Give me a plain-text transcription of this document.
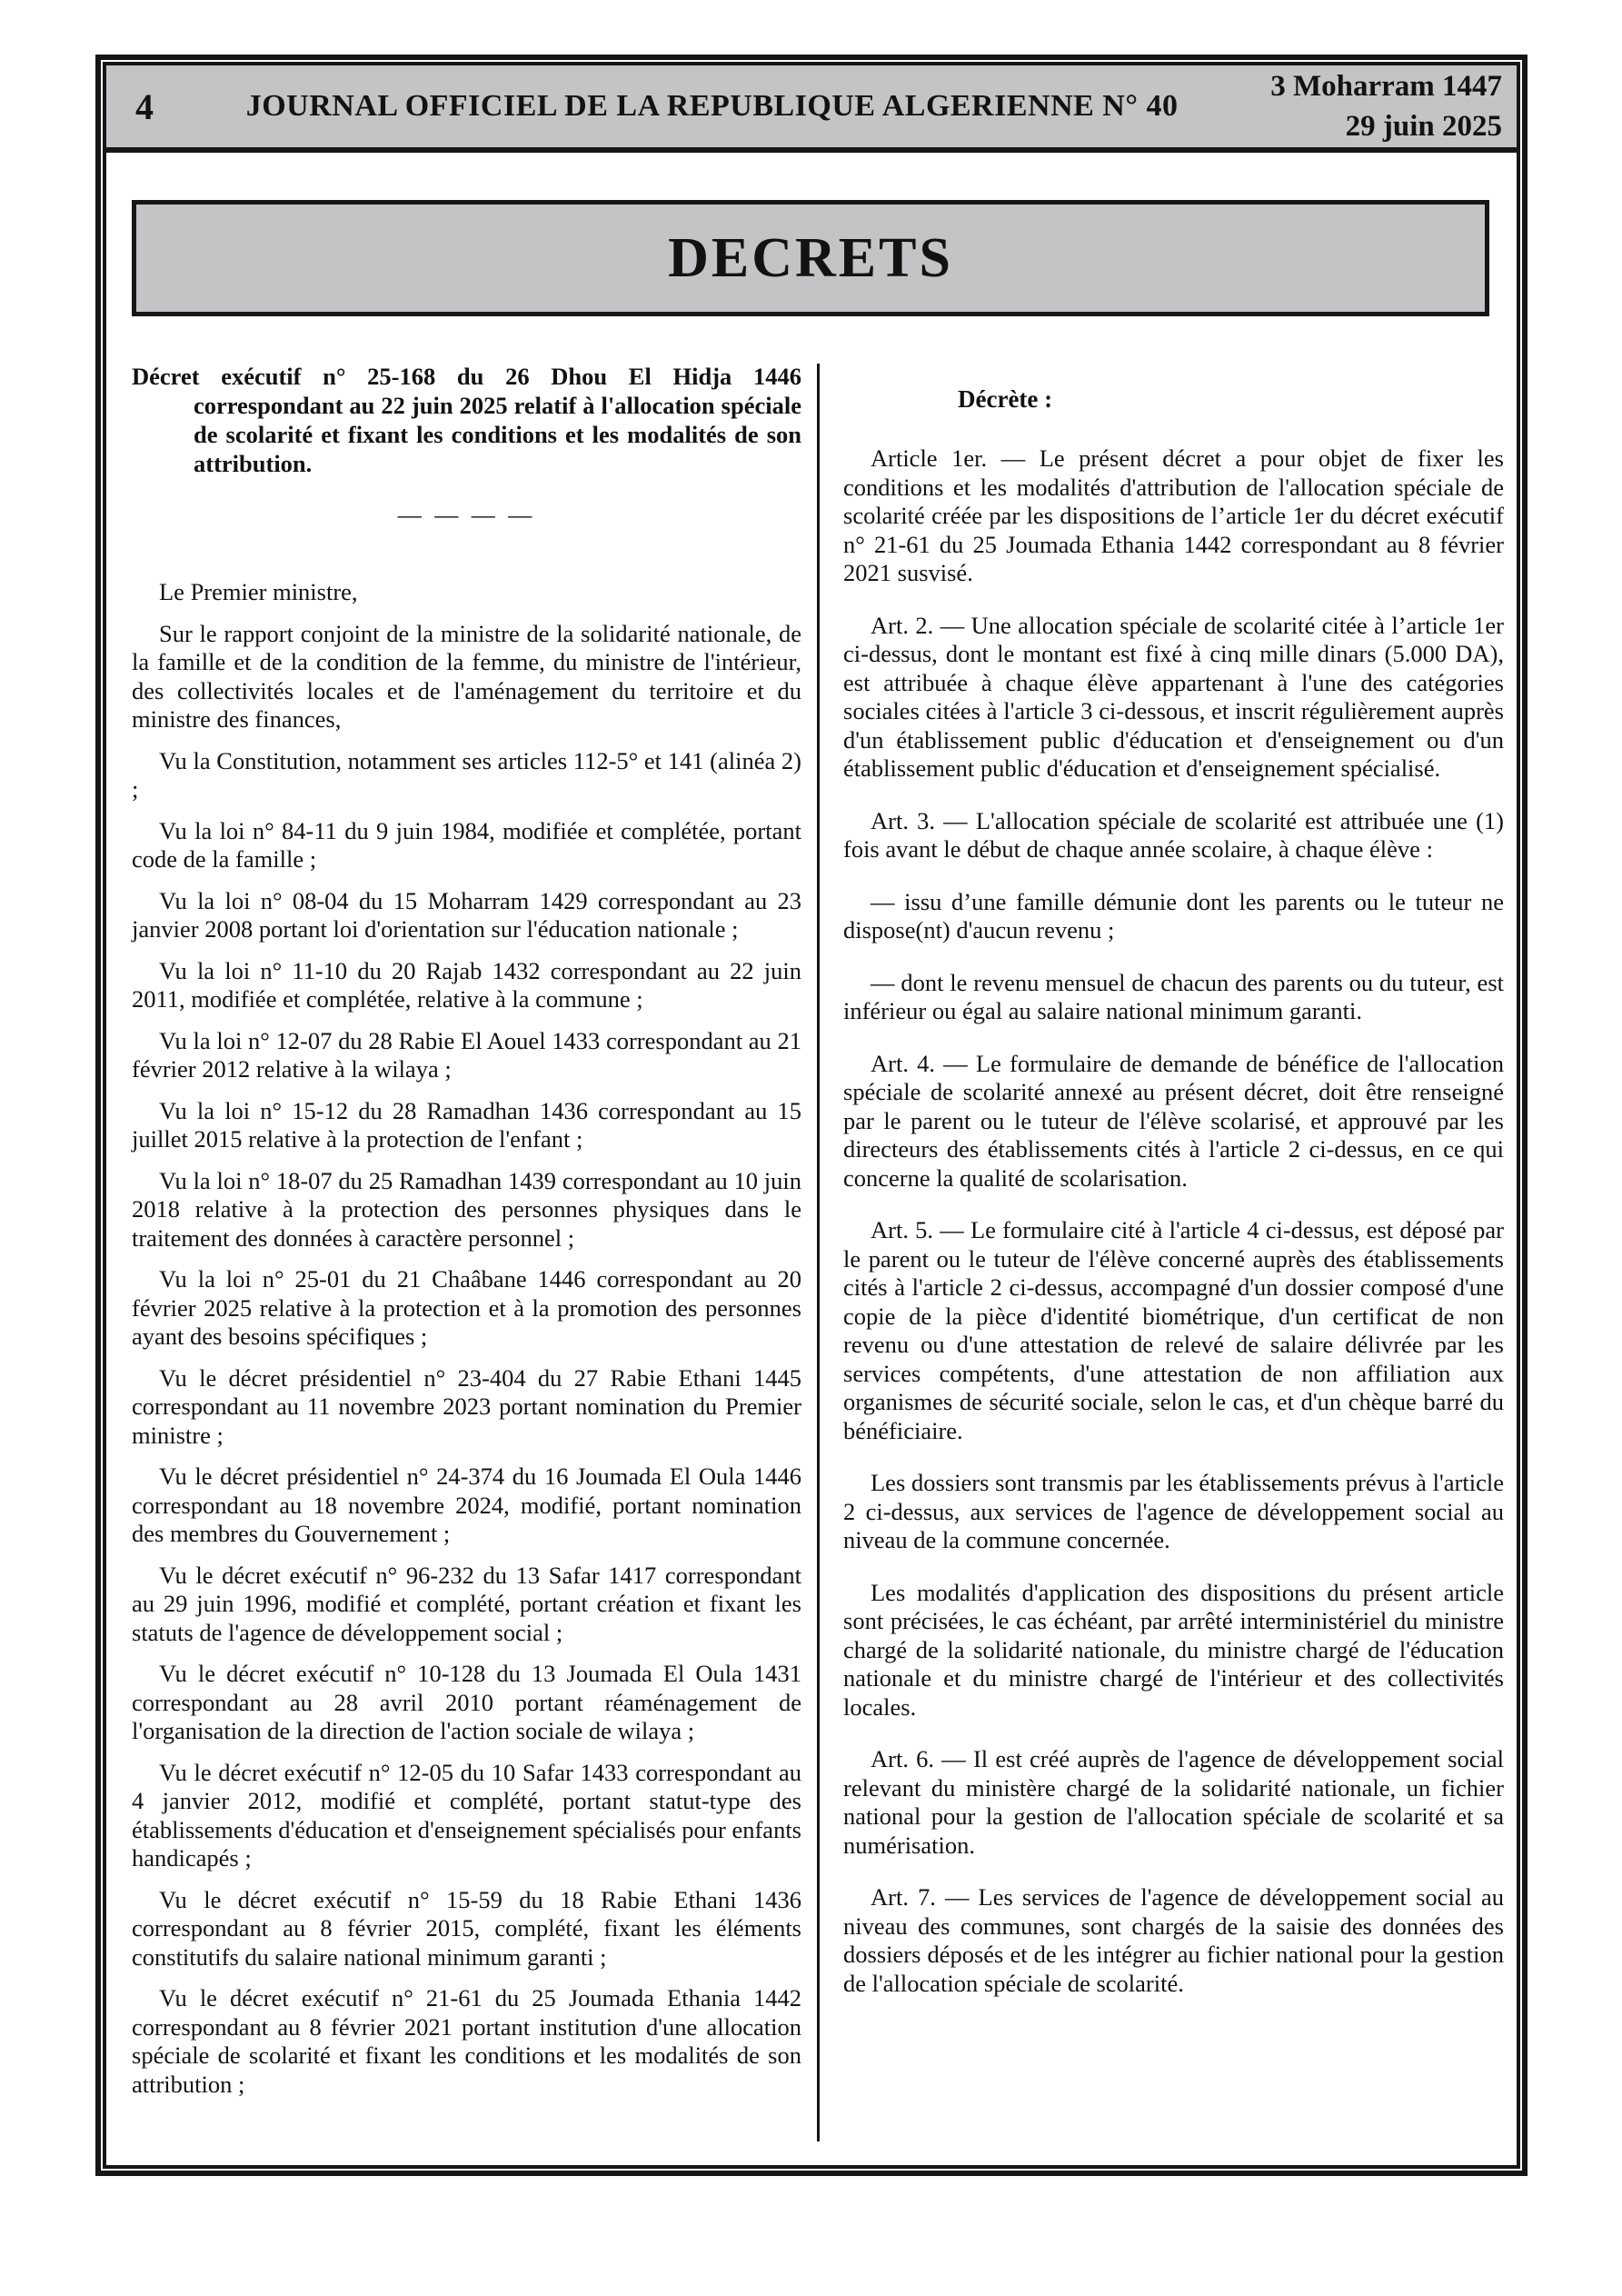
4	JOURNAL OFFICIEL DE LA REPUBLIQUE ALGERIENNE N° 40
3 Moharram 1447
29 juin 2025
DECRETS

Décret exécutif n° 25-168 du 26 Dhou El Hidja 1446 correspondant au 22 juin 2025 relatif à l'allocation spéciale de scolarité et fixant les conditions et les modalités de son attribution.

— — — —

Le Premier ministre,

Sur le rapport conjoint de la ministre de la solidarité nationale, de la famille et de la condition de la femme, du ministre de l'intérieur, des collectivités locales et de l'aménagement du territoire et du ministre des finances,

Vu la Constitution, notamment ses articles 112-5° et 141 (alinéa 2) ;

Vu la loi n° 84-11 du 9 juin 1984, modifiée et complétée, portant code de la famille ;

Vu la loi n° 08-04 du 15 Moharram 1429 correspondant au 23 janvier 2008 portant loi d'orientation sur l'éducation nationale ;

Vu la loi n° 11-10 du 20 Rajab 1432 correspondant au 22 juin 2011, modifiée et complétée, relative à la commune ;

Vu la loi n° 12-07 du 28 Rabie El Aouel 1433 correspondant au 21 février 2012 relative à la wilaya ;

Vu la loi n° 15-12 du 28 Ramadhan 1436 correspondant au 15 juillet 2015 relative à la protection de l'enfant ;

Vu la loi n° 18-07 du 25 Ramadhan 1439 correspondant au 10 juin 2018 relative à la protection des personnes physiques dans le traitement des données à caractère personnel ;

Vu la loi n° 25-01 du 21 Chaâbane 1446 correspondant au 20 février 2025 relative à la protection et à la promotion des personnes ayant des besoins spécifiques ;

Vu le décret présidentiel n° 23-404 du 27 Rabie Ethani 1445 correspondant au 11 novembre 2023 portant nomination du Premier ministre ;

Vu le décret présidentiel n° 24-374 du 16 Joumada El Oula 1446 correspondant au 18 novembre 2024, modifié, portant nomination des membres du Gouvernement ;

Vu le décret exécutif n° 96-232 du 13 Safar 1417 correspondant au 29 juin 1996, modifié et complété, portant création et fixant les statuts de l'agence de développement social ;

Vu le décret exécutif n° 10-128 du 13 Joumada El Oula 1431 correspondant au 28 avril 2010 portant réaménagement de l'organisation de la direction de l'action sociale de wilaya ;

Vu le décret exécutif n° 12-05 du 10 Safar 1433 correspondant au 4 janvier 2012, modifié et complété, portant statut-type des établissements d'éducation et d'enseignement spécialisés pour enfants handicapés ;

Vu le décret exécutif n° 15-59 du 18 Rabie Ethani 1436 correspondant au 8 février 2015, complété, fixant les éléments constitutifs du salaire national minimum garanti ;

Vu le décret exécutif n° 21-61 du 25 Joumada Ethania 1442 correspondant au 8 février 2021 portant institution d'une allocation spéciale de scolarité et fixant les conditions et les modalités de son attribution ;

Décrète :

Article 1er. — Le présent décret a pour objet de fixer les conditions et les modalités d'attribution de l'allocation spéciale de scolarité créée par les dispositions de l’article 1er du décret exécutif n° 21-61 du 25 Joumada Ethania 1442 correspondant au 8 février 2021 susvisé.

Art. 2. — Une allocation spéciale de scolarité citée à l’article 1er ci-dessus, dont le montant est fixé à cinq mille dinars (5.000 DA), est attribuée à chaque élève appartenant à l'une des catégories sociales citées à l'article 3 ci-dessous, et inscrit régulièrement auprès d'un établissement public d'éducation et d'enseignement ou d'un établissement public d'éducation et d'enseignement spécialisé.

Art. 3. — L'allocation spéciale de scolarité est attribuée une (1) fois avant le début de chaque année scolaire, à chaque élève :

— issu d’une famille démunie dont les parents ou le tuteur ne dispose(nt) d'aucun revenu ;

— dont le revenu mensuel de chacun des parents ou du tuteur, est inférieur ou égal au salaire national minimum garanti.

Art. 4. — Le formulaire de demande de bénéfice de l'allocation spéciale de scolarité annexé au présent décret, doit être renseigné par le parent ou le tuteur de l'élève scolarisé, et approuvé par les directeurs des établissements cités à l'article 2 ci-dessus, en ce qui concerne la qualité de scolarisation.

Art. 5. — Le formulaire cité à l'article 4 ci-dessus, est déposé par le parent ou le tuteur de l'élève concerné auprès des établissements cités à l'article 2 ci-dessus, accompagné d'un dossier composé d'une copie de la pièce d'identité biométrique, d'un certificat de non revenu ou d'une attestation de relevé de salaire délivrée par les services compétents, d'une attestation de non affiliation aux organismes de sécurité sociale, selon le cas, et d'un chèque barré du bénéficiaire.

Les dossiers sont transmis par les établissements prévus à l'article 2 ci-dessus, aux services de l'agence de développement social au niveau de la commune concernée.

Les modalités d'application des dispositions du présent article sont précisées, le cas échéant, par arrêté interministériel du ministre chargé de la solidarité nationale, du ministre chargé de l'éducation nationale et du ministre chargé de l'intérieur et des collectivités locales.

Art. 6. — Il est créé auprès de l'agence de développement social relevant du ministère chargé de la solidarité nationale, un fichier national pour la gestion de l'allocation spéciale de scolarité et sa numérisation.

Art. 7. — Les services de l'agence de développement social au niveau des communes, sont chargés de la saisie des données des dossiers déposés et de les intégrer au fichier national pour la gestion de l'allocation spéciale de scolarité.
